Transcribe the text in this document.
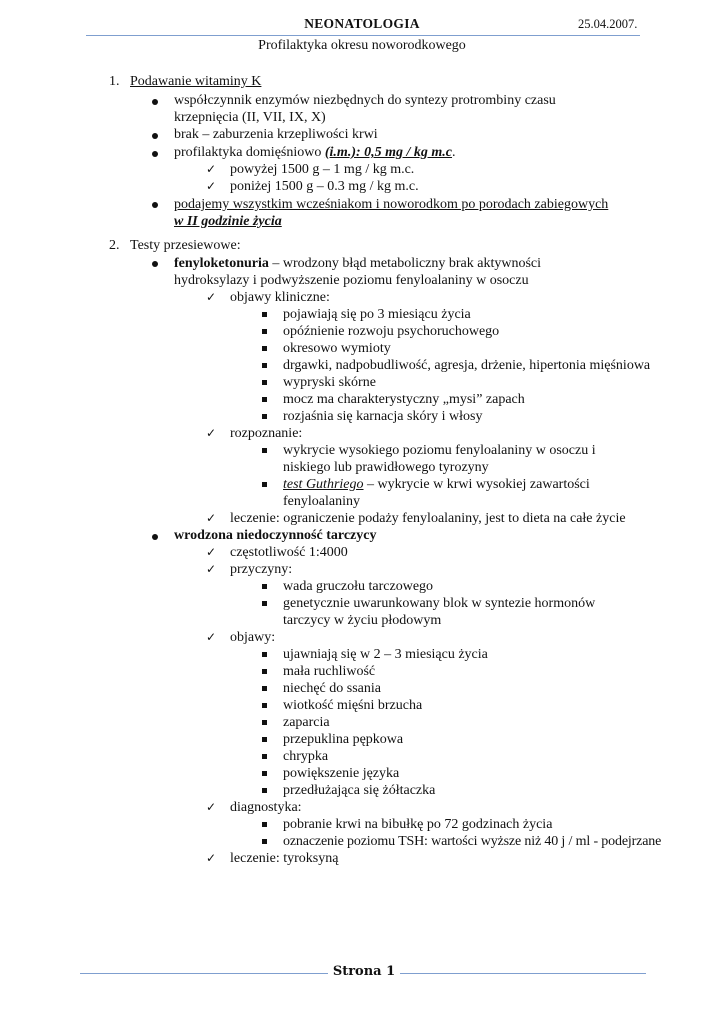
NEONATOLOGIA	25.04.2007.
Profilaktyka okresu noworodkowego
1. Podawanie witaminy K
współczynnik enzymów niezbędnych do syntezy protrombiny czasu
krzepnięcia (II, VII, IX, X)
brak – zaburzenia krzepliwości krwi
profilaktyka domięśniowo (i.m.): 0,5 mg / kg m.c.
✓ powyżej 1500 g – 1 mg / kg m.c.
✓ poniżej 1500 g – 0.3 mg / kg m.c.
podajemy wszystkim wcześniakom i noworodkom po porodach zabiegowych
w II godzinie życia
2. Testy przesiewowe:
fenyloketonuria – wrodzony błąd metaboliczny brak aktywności
hydroksylazy i podwyższenie poziomu fenyloalaniny w osoczu
✓ objawy kliniczne:
pojawiają się po 3 miesiącu życia
opóźnienie rozwoju psychoruchowego
okresowo wymioty
drgawki, nadpobudliwość, agresja, drżenie, hipertonia mięśniowa
wypryski skórne
mocz ma charakterystyczny „mysi” zapach
rozjaśnia się karnacja skóry i włosy
✓ rozpoznanie:
wykrycie wysokiego poziomu fenyloalaniny w osoczu i
niskiego lub prawidłowego tyrozyny
test Guthriego – wykrycie w krwi wysokiej zawartości
fenyloalaniny
✓ leczenie: ograniczenie podaży fenyloalaniny, jest to dieta na całe życie
wrodzona niedoczynność tarczycy
✓ częstotliwość 1:4000
✓ przyczyny:
wada gruczołu tarczowego
genetycznie uwarunkowany blok w syntezie hormonów
tarczycy w życiu płodowym
✓ objawy:
ujawniają się w 2 – 3 miesiącu życia
mała ruchliwość
niechęć do ssania
wiotkość mięśni brzucha
zaparcia
przepuklina pępkowa
chrypka
powiększenie języka
przedłużająca się żółtaczka
✓ diagnostyka:
pobranie krwi na bibułkę po 72 godzinach życia
oznaczenie poziomu TSH: wartości wyższe niż 40 j / ml - podejrzane
✓ leczenie: tyroksyną
Strona 1
